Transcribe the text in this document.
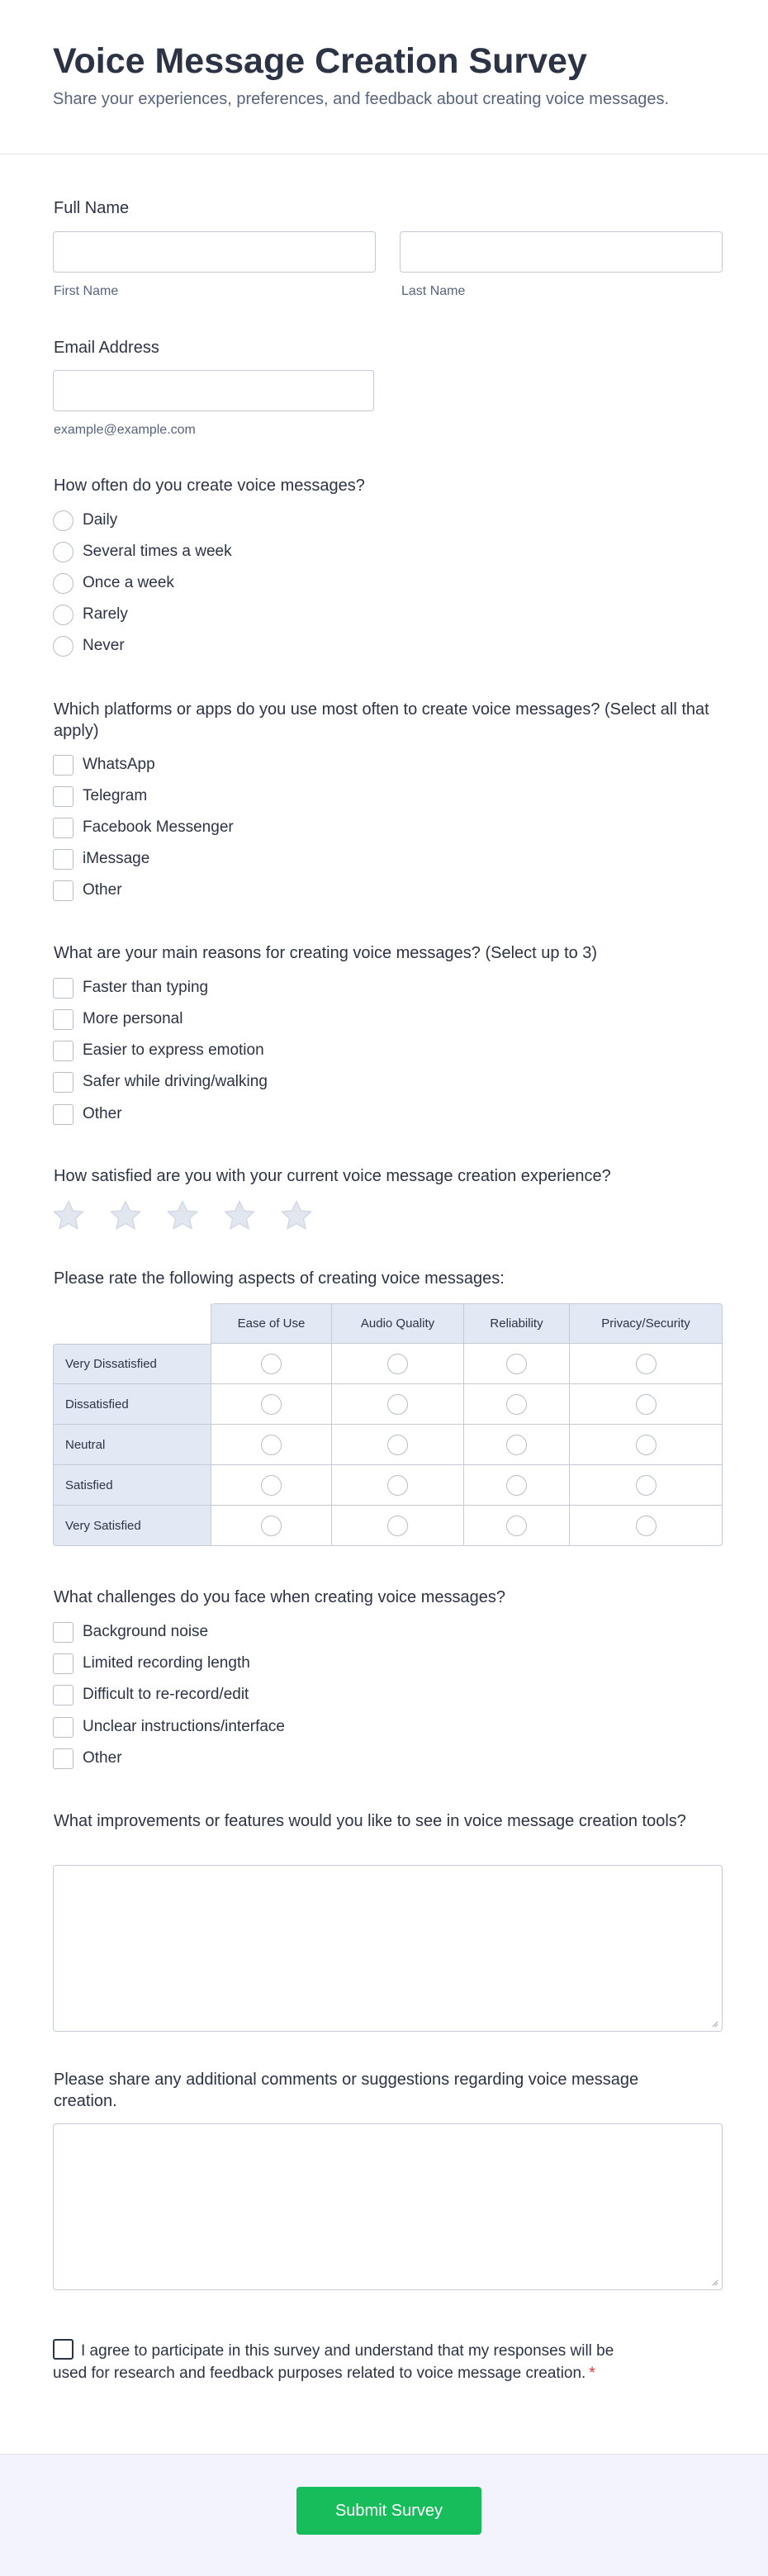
Voice Message Creation Survey
Share your experiences, preferences, and feedback about creating voice messages.
Full Name
First Name	Last Name
Email Address
example@example.com
How often do you create voice messages?
Daily
Several times a week
Once a week
Rarely
Never
Which platforms or apps do you use most often to create voice messages? (Select all that apply)
WhatsApp
Telegram
Facebook Messenger
iMessage
Other
What are your main reasons for creating voice messages? (Select up to 3)
Faster than typing
More personal
Easier to express emotion
Safer while driving/walking
Other
How satisfied are you with your current voice message creation experience?
Please rate the following aspects of creating voice messages:
	Ease of Use	Audio Quality	Reliability	Privacy/Security
Very Dissatisfied				
Dissatisfied				
Neutral				
Satisfied				
Very Satisfied				
What challenges do you face when creating voice messages?
Background noise
Limited recording length
Difficult to re-record/edit
Unclear instructions/interface
Other
What improvements or features would you like to see in voice message creation tools?
Please share any additional comments or suggestions regarding voice message creation.
I agree to participate in this survey and understand that my responses will be used for research and feedback purposes related to voice message creation. *
Submit Survey
